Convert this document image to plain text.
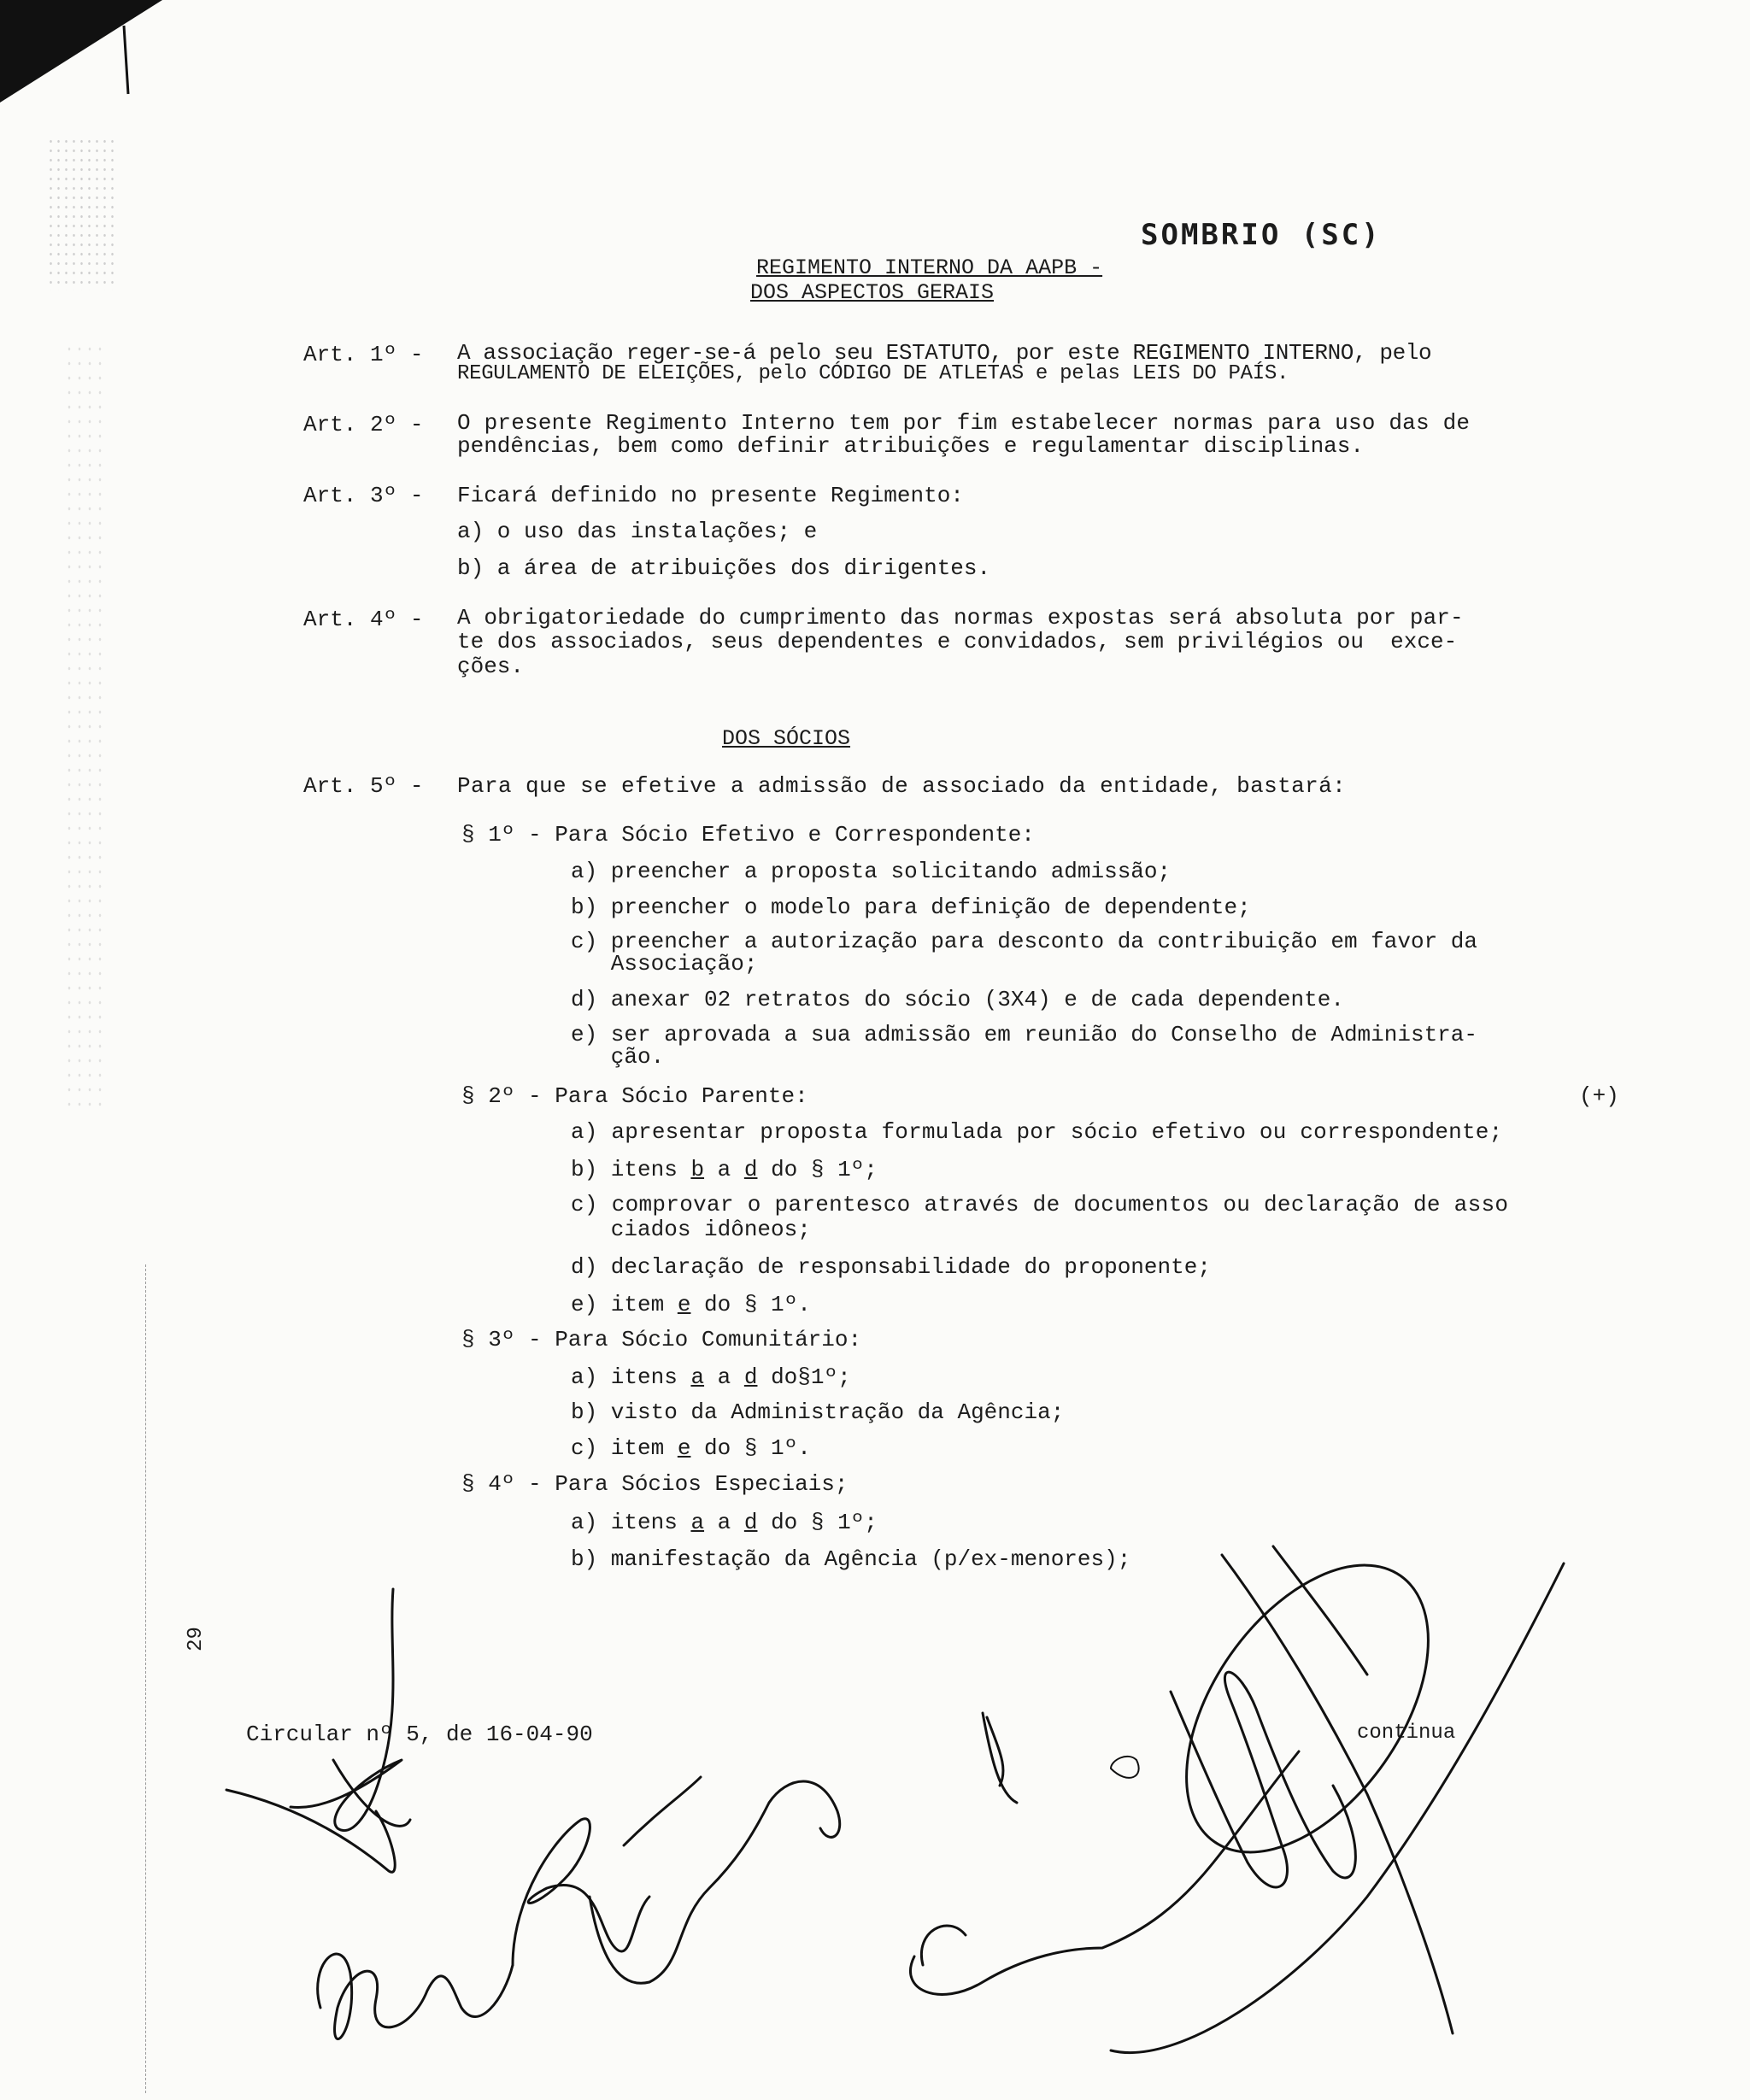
REGIMENTO INTERNO DA AAPB -

SOMBRIO (SC)
DOS ASPECTOS GERAIS
Art. 1º - A associação reger-se-á pelo seu ESTATUTO, por este REGIMENTO INTERNO, pelo
REGULAMENTO DE ELEIÇÕES, pelo CÓDIGO DE ATLETAS e pelas LEIS DO PAÍS.
Art. 2º - O presente Regimento Interno tem por fim estabelecer normas para uso das de
pendências, bem como definir atribuições e regulamentar disciplinas.
Art. 3º - Ficará definido no presente Regimento:
a) o uso das instalações; e
b) a área de atribuições dos dirigentes.
Art. 4º - A obrigatoriedade do cumprimento das normas expostas será absoluta por par-
te dos associados, seus dependentes e convidados, sem privilégios ou  exce-
ções.
DOS SÓCIOS
Art. 5º - Para que se efetive a admissão de associado da entidade, bastará:
§ 1º - Para Sócio Efetivo e Correspondente:
a) preencher a proposta solicitando admissão;
b) preencher o modelo para definição de dependente;
c) preencher a autorização para desconto da contribuição em favor da
Associação;
d) anexar 02 retratos do sócio (3X4) e de cada dependente.
e) ser aprovada a sua admissão em reunião do Conselho de Administra-
ção.
§ 2º - Para Sócio Parente:	(+)
a) apresentar proposta formulada por sócio efetivo ou correspondente;
b) itens b a d do § 1º;
c) comprovar o parentesco através de documentos ou declaração de asso
ciados idôneos;
d) declaração de responsabilidade do proponente;
e) item e do § 1º.
§ 3º - Para Sócio Comunitário:
a) itens a a d do§1º;
b) visto da Administração da Agência;
c) item e do § 1º.
§ 4º - Para Sócios Especiais;
a) itens a a d do § 1º;
b) manifestação da Agência (p/ex-menores);
29
Circular nº 5, de 16-04-90	continua
